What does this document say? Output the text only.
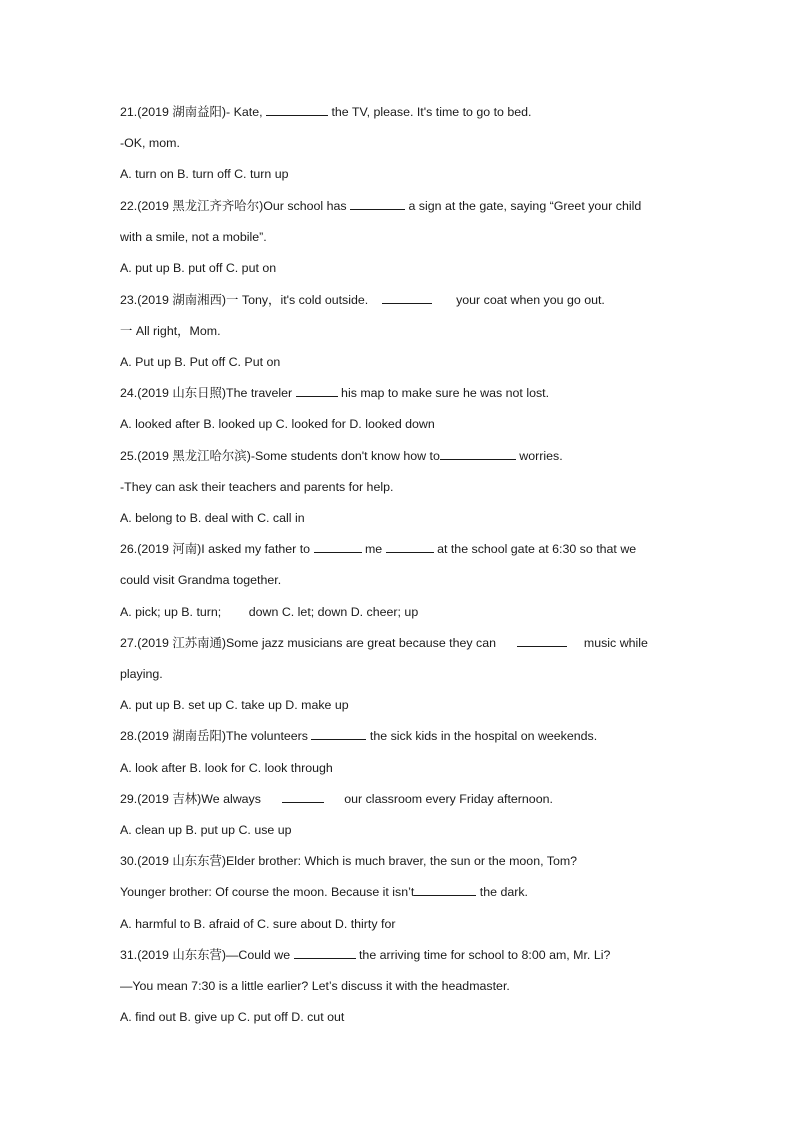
21.(2019 湖南益阳)- Kate,	the TV, please. It's time to go to bed.
-OK, mom.
A. turn on B. turn off C. turn up
22.(2019 黑龙江齐齐哈尔)Our school has	a sign at the gate, saying “Greet your child
with a smile, not a mobile”.
A. put up B. put off C. put on
23.(2019 湖南湘西)一 Tony，it's cold outside.	your coat when you go out.
一 All right，Mom.
A. Put up B. Put off C. Put on
24.(2019 山东日照)The traveler	his map to make sure he was not lost.
A. looked after B. looked up C. looked for D. looked down
25.(2019 黑龙江哈尔滨)-Some students don't know how to	worries.
-They can ask their teachers and parents for help.
A. belong to B. deal with C. call in
26.(2019 河南)I asked my father to	me	at the school gate at 6:30 so that we
could visit Grandma together.
A. pick; up B. turn;        down C. let; down D. cheer; up
27.(2019 江苏南通)Some jazz musicians are great because they can	music while
playing.
A. put up B. set up C. take up D. make up
28.(2019 湖南岳阳)The volunteers	the sick kids in the hospital on weekends.
A. look after B. look for C. look through
29.(2019 吉林)We always	our classroom every Friday afternoon.
A. clean up B. put up C. use up
30.(2019 山东东营)Elder brother: Which is much braver, the sun or the moon, Tom?
Younger brother: Of course the moon. Because it isn’t	the dark.
A. harmful to B. afraid of C. sure about D. thirty for
31.(2019 山东东营)—Could we	the arriving time for school to 8:00 am, Mr. Li?
—You mean 7:30 is a little earlier? Let’s discuss it with the headmaster.
A. find out B. give up C. put off D. cut out
